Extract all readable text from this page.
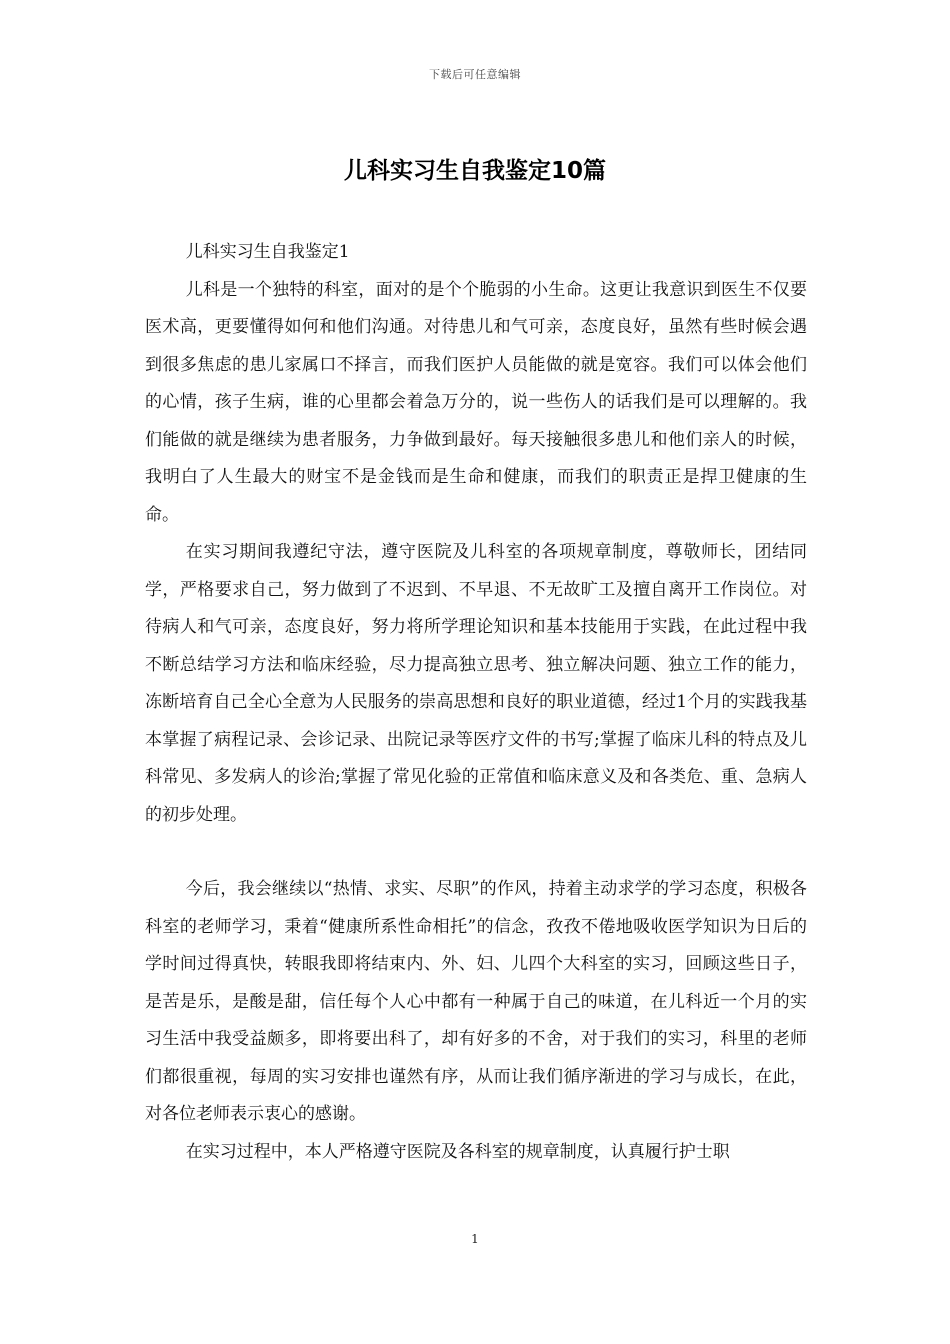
下载后可任意编辑
儿科实习生自我鉴定10篇
儿科实习生自我鉴定1

儿科是一个独特的科室，面对的是个个脆弱的小生命。这更让我意识到医生不仅要医术高，更要懂得如何和他们沟通。对待患儿和气可亲，态度良好，虽然有些时候会遇到很多焦虑的患儿家属口不择言，而我们医护人员能做的就是宽容。我们可以体会他们的心情，孩子生病，谁的心里都会着急万分的，说一些伤人的话我们是可以理解的。我们能做的就是继续为患者服务，力争做到最好。每天接触很多患儿和他们亲人的时候，我明白了人生最大的财宝不是金钱而是生命和健康，而我们的职责正是捍卫健康的生命。

在实习期间我遵纪守法，遵守医院及儿科室的各项规章制度，尊敬师长，团结同学，严格要求自己，努力做到了不迟到、不早退、不无故旷工及擅自离开工作岗位。对待病人和气可亲，态度良好，努力将所学理论知识和基本技能用于实践，在此过程中我不断总结学习方法和临床经验，尽力提高独立思考、独立解决问题、独立工作的能力，冻断培育自己全心全意为人民服务的崇高思想和良好的职业道德，经过1个月的实践我基本掌握了病程记录、会诊记录、出院记录等医疗文件的书写;掌握了临床儿科的特点及儿科常见、多发病人的诊治;掌握了常见化验的正常值和临床意义及和各类危、重、急病人的初步处理。

今后，我会继续以“热情、求实、尽职”的作风，持着主动求学的学习态度，积极各科室的老师学习，秉着“健康所系性命相托”的信念，孜孜不倦地吸收医学知识为日后的学时间过得真快，转眼我即将结束内、外、妇、儿四个大科室的实习，回顾这些日子，是苦是乐，是酸是甜，信任每个人心中都有一种属于自己的味道，在儿科近一个月的实习生活中我受益颇多，即将要出科了，却有好多的不舍，对于我们的实习，科里的老师们都很重视，每周的实习安排也谨然有序，从而让我们循序渐进的学习与成长，在此，对各位老师表示衷心的感谢。

在实习过程中，本人严格遵守医院及各科室的规章制度，认真履行护士职

1
